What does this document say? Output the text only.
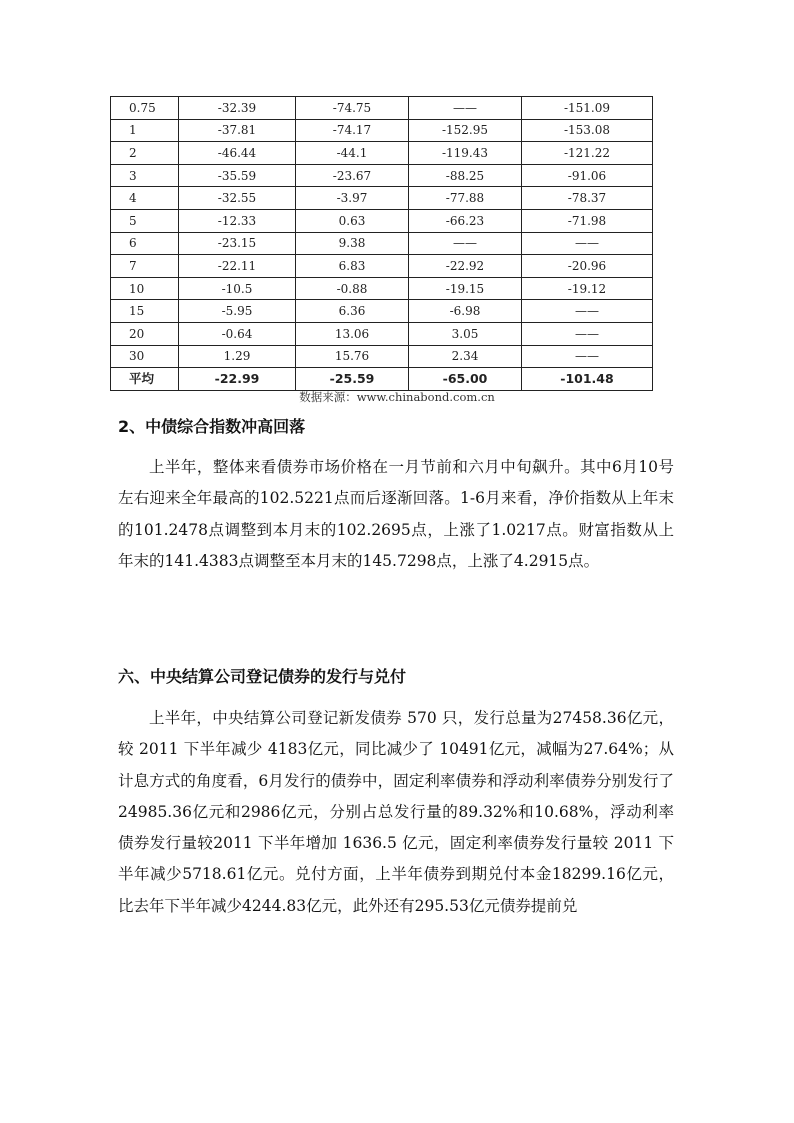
0.75	-32.39	-74.75	——	-151.09
1	-37.81	-74.17	-152.95	-153.08
2	-46.44	-44.1	-119.43	-121.22
3	-35.59	-23.67	-88.25	-91.06
4	-32.55	-3.97	-77.88	-78.37
5	-12.33	0.63	-66.23	-71.98
6	-23.15	9.38	——	——
7	-22.11	6.83	-22.92	-20.96
10	-10.5	-0.88	-19.15	-19.12
15	-5.95	6.36	-6.98	——
20	-0.64	13.06	3.05	——
30	1.29	15.76	2.34	——
平均	-22.99	-25.59	-65.00	-101.48
数据来源：www.chinabond.com.cn
2、中债综合指数冲高回落

上半年，整体来看债券市场价格在一月节前和六月中旬飙升。其中6月10号左右迎来全年最高的102.5221点而后逐渐回落。1-6月来看，净价指数从上年末的101.2478点调整到本月末的102.2695点，上涨了1.0217点。财富指数从上年末的141.4383点调整至本月末的145.7298点，上涨了4.2915点。

六、中央结算公司登记债券的发行与兑付

上半年，中央结算公司登记新发债券 570 只，发行总量为27458.36亿元，较 2011 下半年减少 4183亿元，同比减少了 10491亿元，减幅为27.64%；从计息方式的角度看，6月发行的债券中，固定利率债券和浮动利率债券分别发行了24985.36亿元和2986亿元，分别占总发行量的89.32%和10.68%，浮动利率债券发行量较2011 下半年增加 1636.5 亿元，固定利率债券发行量较 2011 下半年减少5718.61亿元。兑付方面，上半年债券到期兑付本金18299.16亿元，比去年下半年减少4244.83亿元，此外还有295.53亿元债券提前兑
